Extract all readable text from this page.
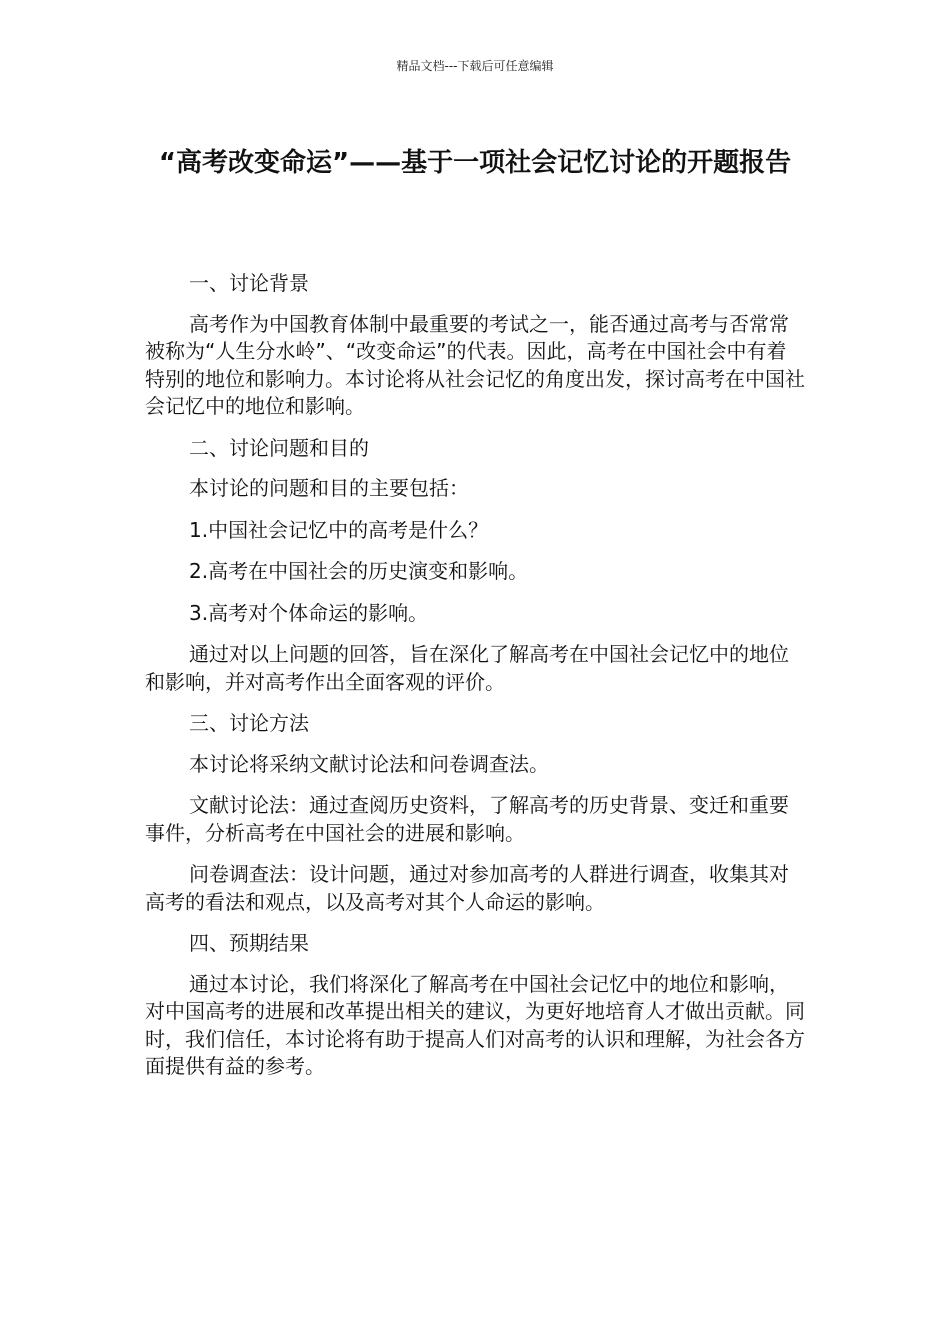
精品文档---下载后可任意编辑
“高考改变命运”——基于一项社会记忆讨论的开题报告

一、讨论背景

高考作为中国教育体制中最重要的考试之一，能否通过高考与否常常被称为“人生分水岭”、“改变命运”的代表。因此，高考在中国社会中有着特别的地位和影响力。本讨论将从社会记忆的角度出发，探讨高考在中国社会记忆中的地位和影响。

二、讨论问题和目的

本讨论的问题和目的主要包括：

1.中国社会记忆中的高考是什么？

2.高考在中国社会的历史演变和影响。

3.高考对个体命运的影响。

通过对以上问题的回答，旨在深化了解高考在中国社会记忆中的地位和影响，并对高考作出全面客观的评价。

三、讨论方法

本讨论将采纳文献讨论法和问卷调查法。

文献讨论法：通过查阅历史资料，了解高考的历史背景、变迁和重要事件，分析高考在中国社会的进展和影响。

问卷调查法：设计问题，通过对参加高考的人群进行调查，收集其对高考的看法和观点，以及高考对其个人命运的影响。

四、预期结果

通过本讨论，我们将深化了解高考在中国社会记忆中的地位和影响，对中国高考的进展和改革提出相关的建议，为更好地培育人才做出贡献。同时，我们信任，本讨论将有助于提高人们对高考的认识和理解，为社会各方面提供有益的参考。
